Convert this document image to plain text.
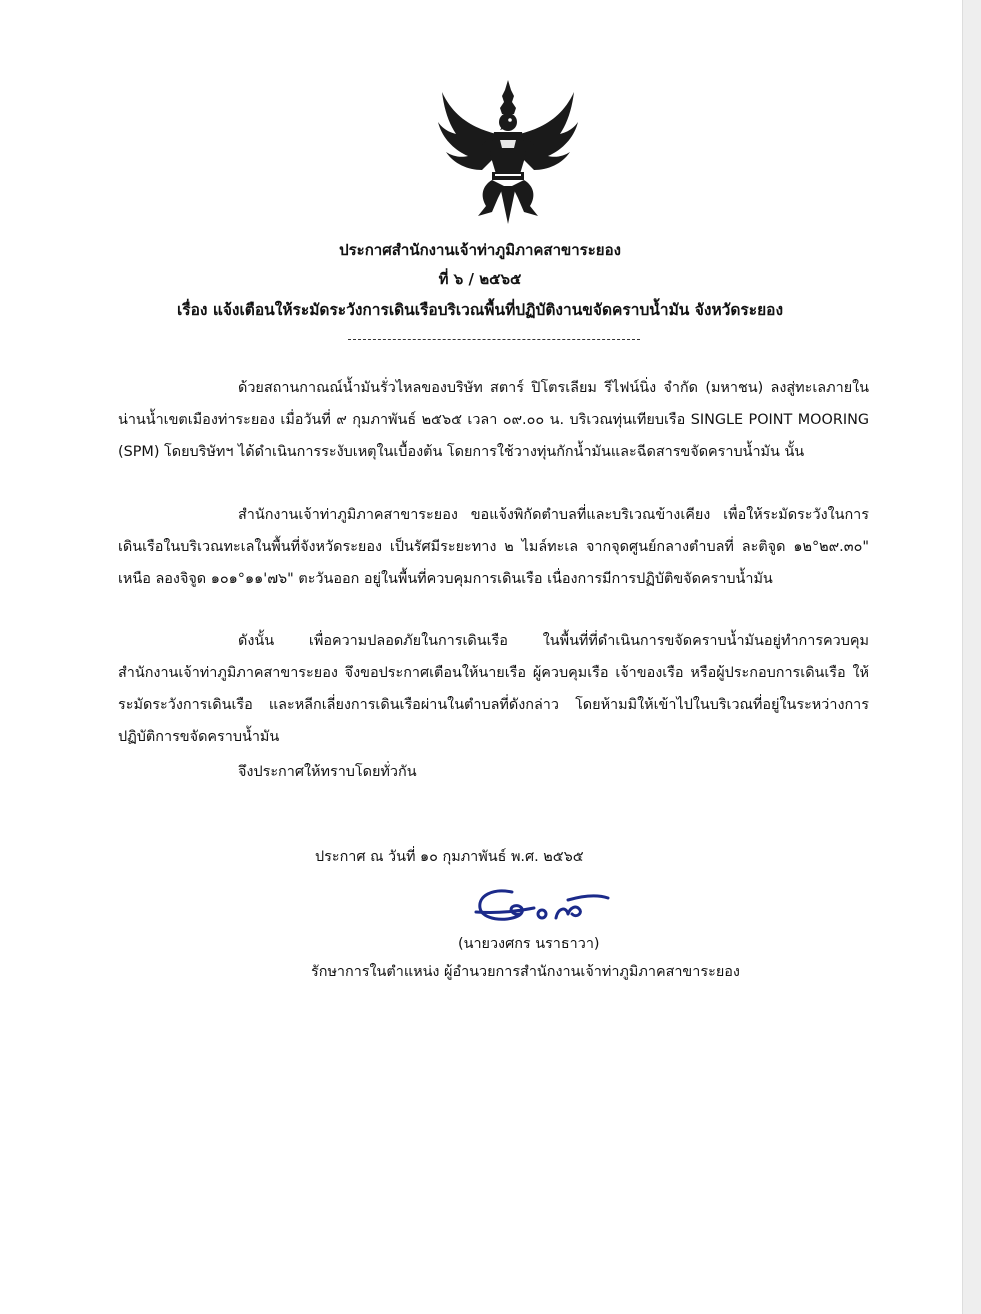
ประกาศสำนักงานเจ้าท่าภูมิภาคสาขาระยอง
ที่ ๖ / ๒๕๖๕
เรื่อง แจ้งเตือนให้ระมัดระวังการเดินเรือบริเวณพื้นที่ปฏิบัติงานขจัดคราบน้ำมัน จังหวัดระยอง

ด้วยสถานกาณณ์น้ำมันรั่วไหลของบริษัท สตาร์ ปิโตรเลียม รีไฟน์นิ่ง จำกัด (มหาชน) ลงสู่ทะเลภายในน่านน้ำเขตเมืองท่าระยอง เมื่อวันที่ ๙ กุมภาพันธ์ ๒๕๖๕ เวลา ๐๙.๐๐ น. บริเวณทุ่นเทียบเรือ SINGLE POINT MOORING (SPM) โดยบริษัทฯ ได้ดำเนินการระงับเหตุในเบื้องต้น โดยการใช้วางทุ่นกักน้ำมันและฉีดสารขจัดคราบน้ำมัน นั้น

สำนักงานเจ้าท่าภูมิภาคสาขาระยอง ขอแจ้งพิกัดตำบลที่และบริเวณข้างเคียง เพื่อให้ระมัดระวังในการเดินเรือในบริเวณทะเลในพื้นที่จังหวัดระยอง เป็นรัศมีระยะทาง ๒ ไมล์ทะเล จากจุดศูนย์กลางตำบลที่ ละติจูด ๑๒°๒๙.๓๐" เหนือ ลองจิจูด ๑๐๑°๑๑'๗๖" ตะวันออก อยู่ในพื้นที่ควบคุมการเดินเรือ เนื่องการมีการปฏิบัติขจัดคราบน้ำมัน

ดังนั้น เพื่อความปลอดภัยในการเดินเรือ ในพื้นที่ที่ดำเนินการขจัดคราบน้ำมันอยู่ทำการควบคุม สำนักงานเจ้าท่าภูมิภาคสาขาระยอง จึงขอประกาศเตือนให้นายเรือ ผู้ควบคุมเรือ เจ้าของเรือ หรือผู้ประกอบการเดินเรือ ให้ระมัดระวังการเดินเรือ และหลีกเลี่ยงการเดินเรือผ่านในตำบลที่ดังกล่าว โดยห้ามมิให้เข้าไปในบริเวณที่อยู่ในระหว่างการปฏิบัติการขจัดคราบน้ำมัน

จึงประกาศให้ทราบโดยทั่วกัน

ประกาศ ณ วันที่ ๑๐ กุมภาพันธ์ พ.ศ. ๒๕๖๕
(นายวงศกร นราธาวา)
รักษาการในตำแหน่ง ผู้อำนวยการสำนักงานเจ้าท่าภูมิภาคสาขาระยอง
